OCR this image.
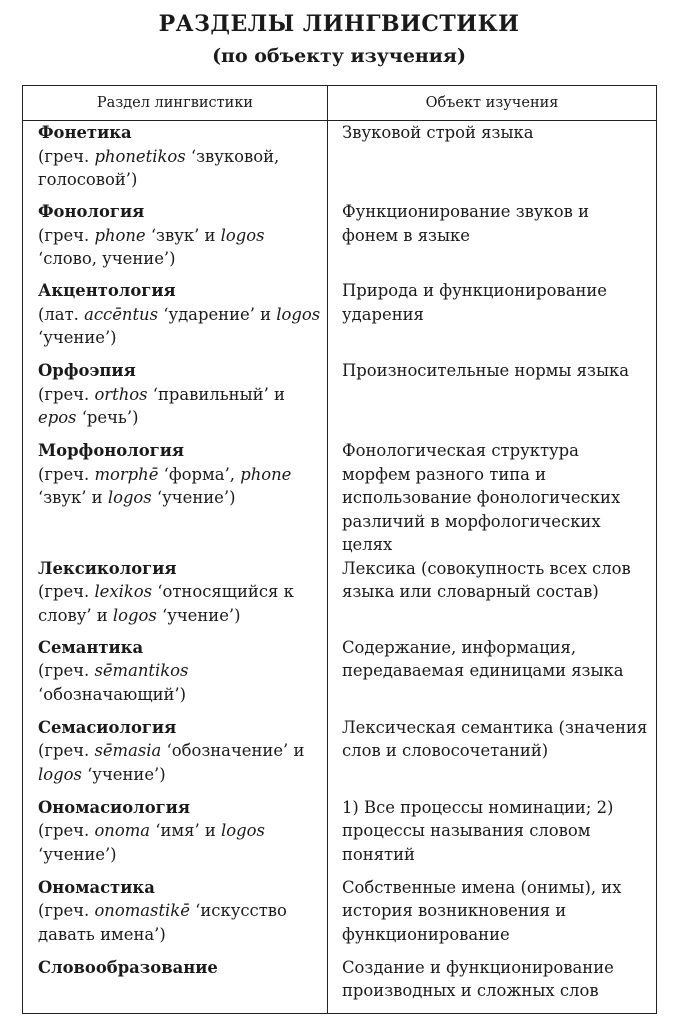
РАЗДЕЛЫ ЛИНГВИСТИКИ
(по объекту изучения)
Раздел лингвистики	Объект изучения

Фонетика
(греч. phonetikos ‘звуковой, голосовой’)	Звуковой строй языка

Фонология
(греч. phone ‘звук’ и logos ‘слово, учение’)	Функционирование звуков и фонем в языке

Акцентология
(лат. accēntus ‘ударение’ и logos ‘учение’)	Природа и функционирование ударения

Орфоэпия
(греч. orthos ‘правильный’ и epos ‘речь’)	Произносительные нормы языка

Морфонология
(греч. morphē ‘форма’, phone ‘звук’ и logos ‘учение’)	Фонологическая структура морфем разного типа и использование фонологических различий в морфологических целях

Лексикология
(греч. lexikos ‘относящийся к слову’ и logos ‘учение’)	Лексика (совокупность всех слов языка или словарный состав)

Семантика
(греч. sēmantikos ‘обозначающий’)	Содержание, информация, передаваемая единицами языка

Семасиология
(греч. sēmasia ‘обозначение’ и logos ‘учение’)	Лексическая семантика (значения слов и словосочетаний)

Ономасиология
(греч. onoma ‘имя’ и logos ‘учение’)	1) Все процессы номинации; 2) процессы называния словом понятий

Ономастика
(греч. onomastikē ‘искусство давать имена’)	Собственные имена (онимы), их история возникновения и функционирование

Словообразование	Создание и функционирование производных и сложных слов
